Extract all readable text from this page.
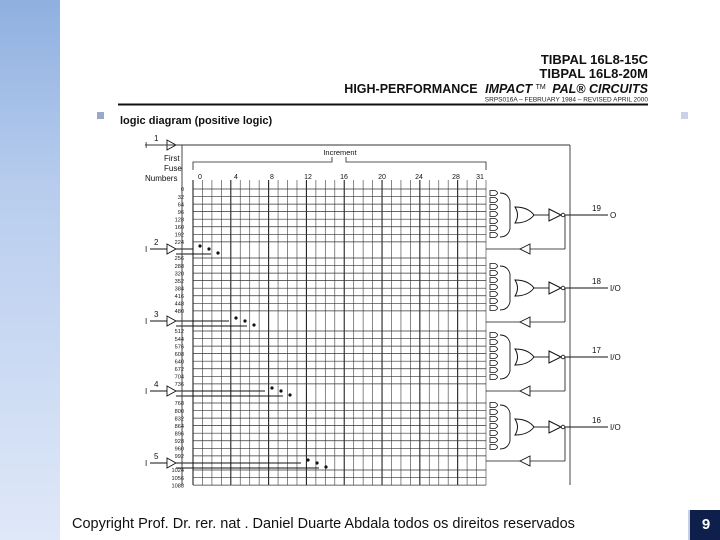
TIBPAL 16L8-15C
TIBPAL 16L8-20M
HIGH-PERFORMANCE IMPACT ™ PAL® CIRCUITS
SRPS016A – FEBRUARY 1984 – REVISED APRIL 2000
logic diagram (positive logic)
First
Fuse
Numbers
Increment
0	4	8	12	16	20	24	28 31
0
32
64
96
128
160
192
224
256
288
320
352
384
416
448
480
512
544
576
608
640
672
704
736
768
800
832
864
896
928
960
992
1024
1056
1088
I
1
I
2
I
3
I
4
I
5
19
O
18
I/O
17
I/O
16
I/O
Copyright Prof. Dr. rer. nat . Daniel Duarte Abdala todos os direitos reservados	9
